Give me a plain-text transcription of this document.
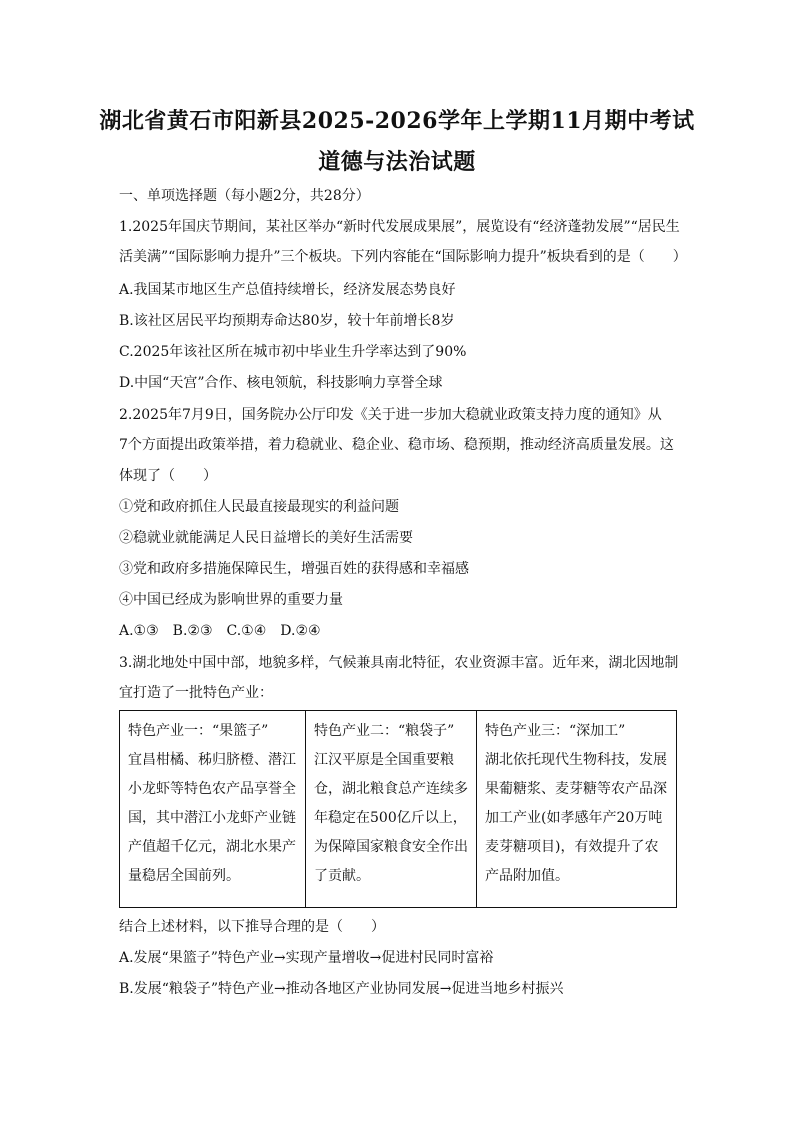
湖北省黄石市阳新县2025-2026学年上学期11月期中考试
道德与法治试题
一、单项选择题（每小题2分，共28分）
1.2025年国庆节期间，某社区举办“新时代发展成果展”，展览设有“经济蓬勃发展”“居民生
活美满”“国际影响力提升”三个板块。下列内容能在“国际影响力提升”板块看到的是（　　）
A.我国某市地区生产总值持续增长，经济发展态势良好
B.该社区居民平均预期寿命达80岁，较十年前增长8岁
C.2025年该社区所在城市初中毕业生升学率达到了90%
D.中国“天宫”合作、核电领航，科技影响力享誉全球
2.2025年7月9日，国务院办公厅印发《关于进一步加大稳就业政策支持力度的通知》从
7个方面提出政策举措，着力稳就业、稳企业、稳市场、稳预期，推动经济高质量发展。这
体现了（　　）
①党和政府抓住人民最直接最现实的利益问题
②稳就业就能满足人民日益增长的美好生活需要
③党和政府多措施保障民生，增强百姓的获得感和幸福感
④中国已经成为影响世界的重要力量
A.①③　B.②③　C.①④　D.②④
3.湖北地处中国中部，地貌多样，气候兼具南北特征，农业资源丰富。近年来，湖北因地制
宜打造了一批特色产业：
特色产业一：“果篮子”
宜昌柑橘、秭归脐橙、潜江小龙虾等特色农产品享誉全国，其中潜江小龙虾产业链产值超千亿元，湖北水果产量稳居全国前列。

特色产业二：“粮袋子”
江汉平原是全国重要粮仓，湖北粮食总产连续多年稳定在500亿斤以上，为保障国家粮食安全作出了贡献。

特色产业三：“深加工”
湖北依托现代生物科技，发展果葡糖浆、麦芽糖等农产品深加工产业(如孝感年产20万吨麦芽糖项目)，有效提升了农产品附加值。
结合上述材料，以下推导合理的是（　　）
A.发展“果篮子”特色产业→实现产量增收→促进村民同时富裕
B.发展“粮袋子”特色产业→推动各地区产业协同发展→促进当地乡村振兴
